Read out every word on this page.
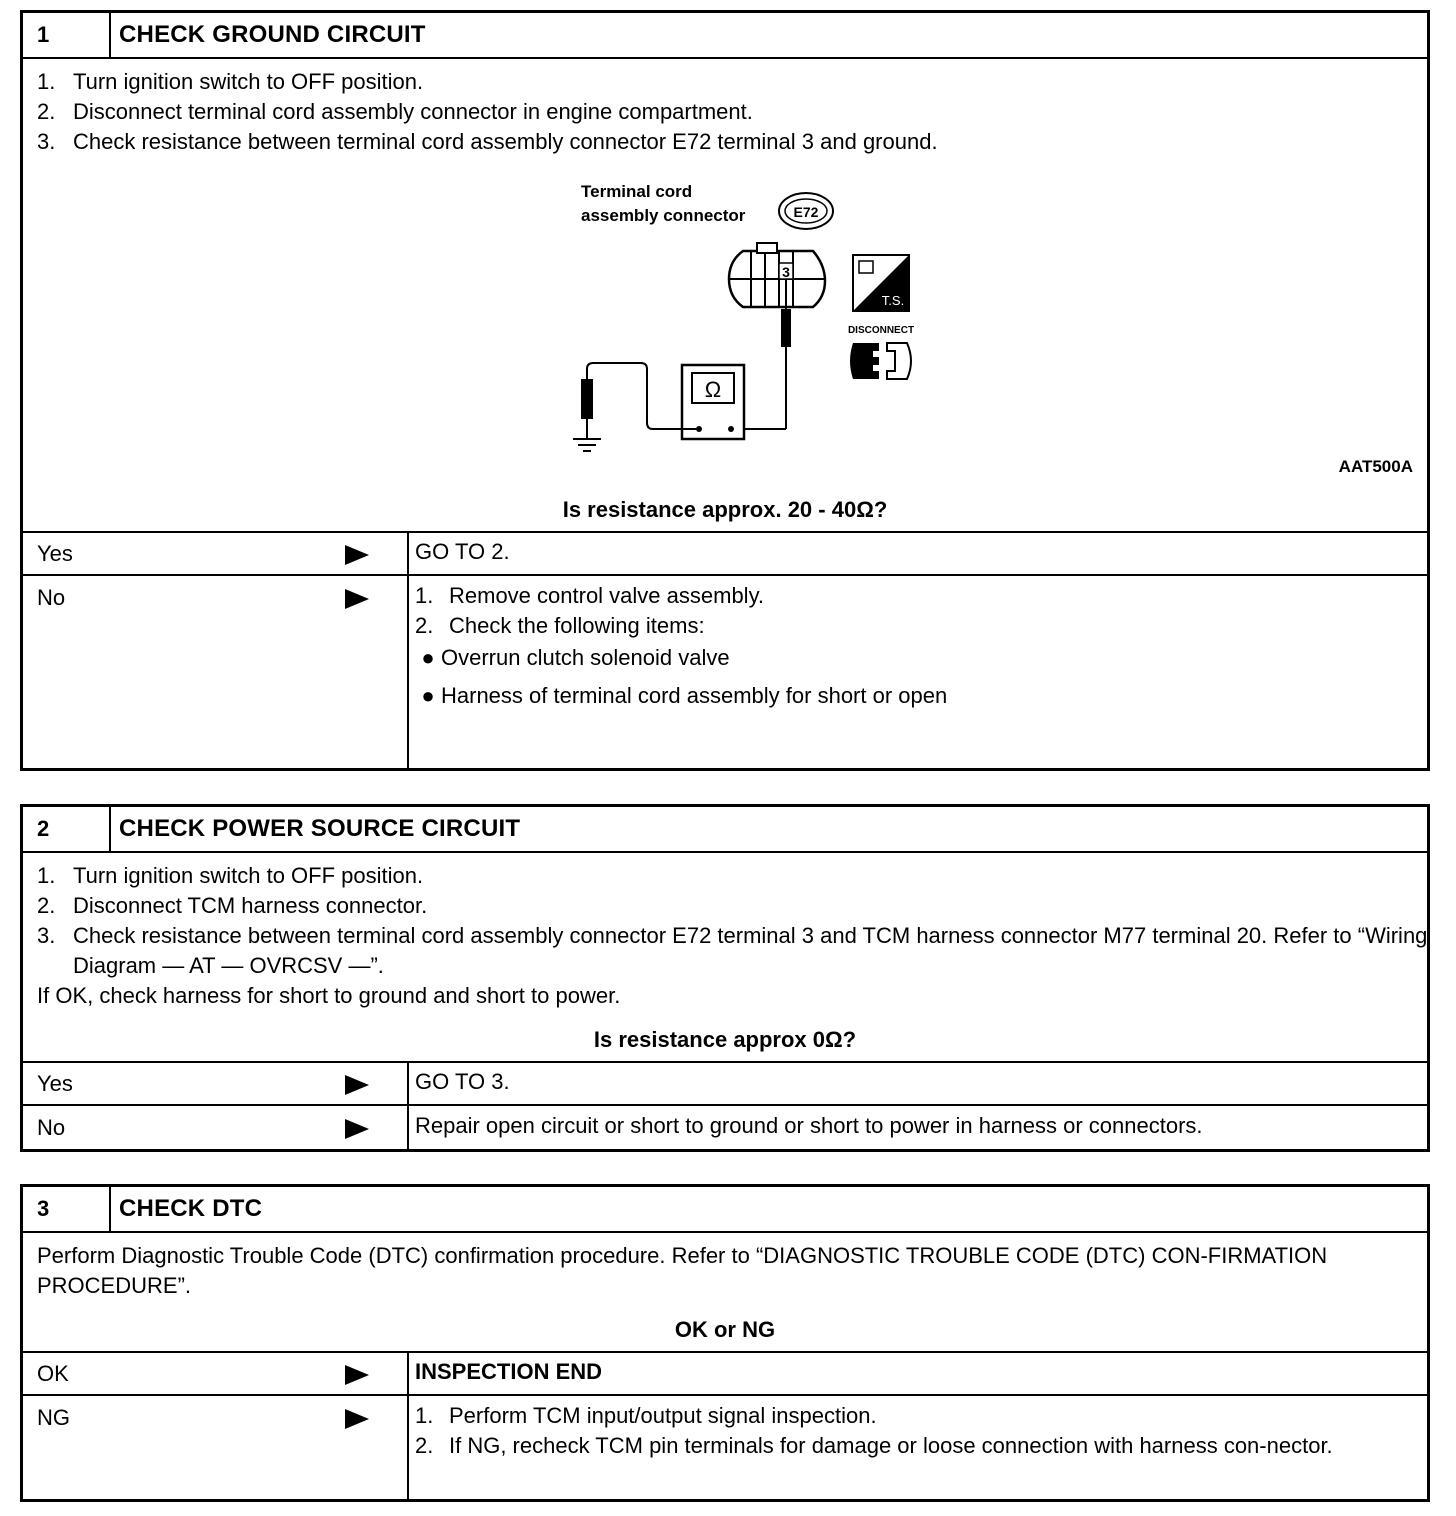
1	CHECK GROUND CIRCUIT
1. Turn ignition switch to OFF position.
2. Disconnect terminal cord assembly connector in engine compartment.
3. Check resistance between terminal cord assembly connector E72 terminal 3 and ground.
Terminal cord
assembly connector	E72
3
Ω
T.S.
DISCONNECT
AAT500A
Is resistance approx. 20 - 40Ω?
Yes	GO TO 2.
No	1. Remove control valve assembly.
2. Check the following items:
● Overrun clutch solenoid valve
● Harness of terminal cord assembly for short or open
2	CHECK POWER SOURCE CIRCUIT
1. Turn ignition switch to OFF position.
2. Disconnect TCM harness connector.
3. Check resistance between terminal cord assembly connector E72 terminal 3 and TCM harness connector M77 terminal 20. Refer to “Wiring Diagram — AT — OVRCSV —”.
If OK, check harness for short to ground and short to power.
Is resistance approx 0Ω?
Yes	GO TO 3.
No	Repair open circuit or short to ground or short to power in harness or connectors.
3	CHECK DTC
Perform Diagnostic Trouble Code (DTC) confirmation procedure. Refer to “DIAGNOSTIC TROUBLE CODE (DTC) CON-FIRMATION PROCEDURE”.
OK or NG
OK	INSPECTION END
NG	1. Perform TCM input/output signal inspection.
2. If NG, recheck TCM pin terminals for damage or loose connection with harness con-nector.
